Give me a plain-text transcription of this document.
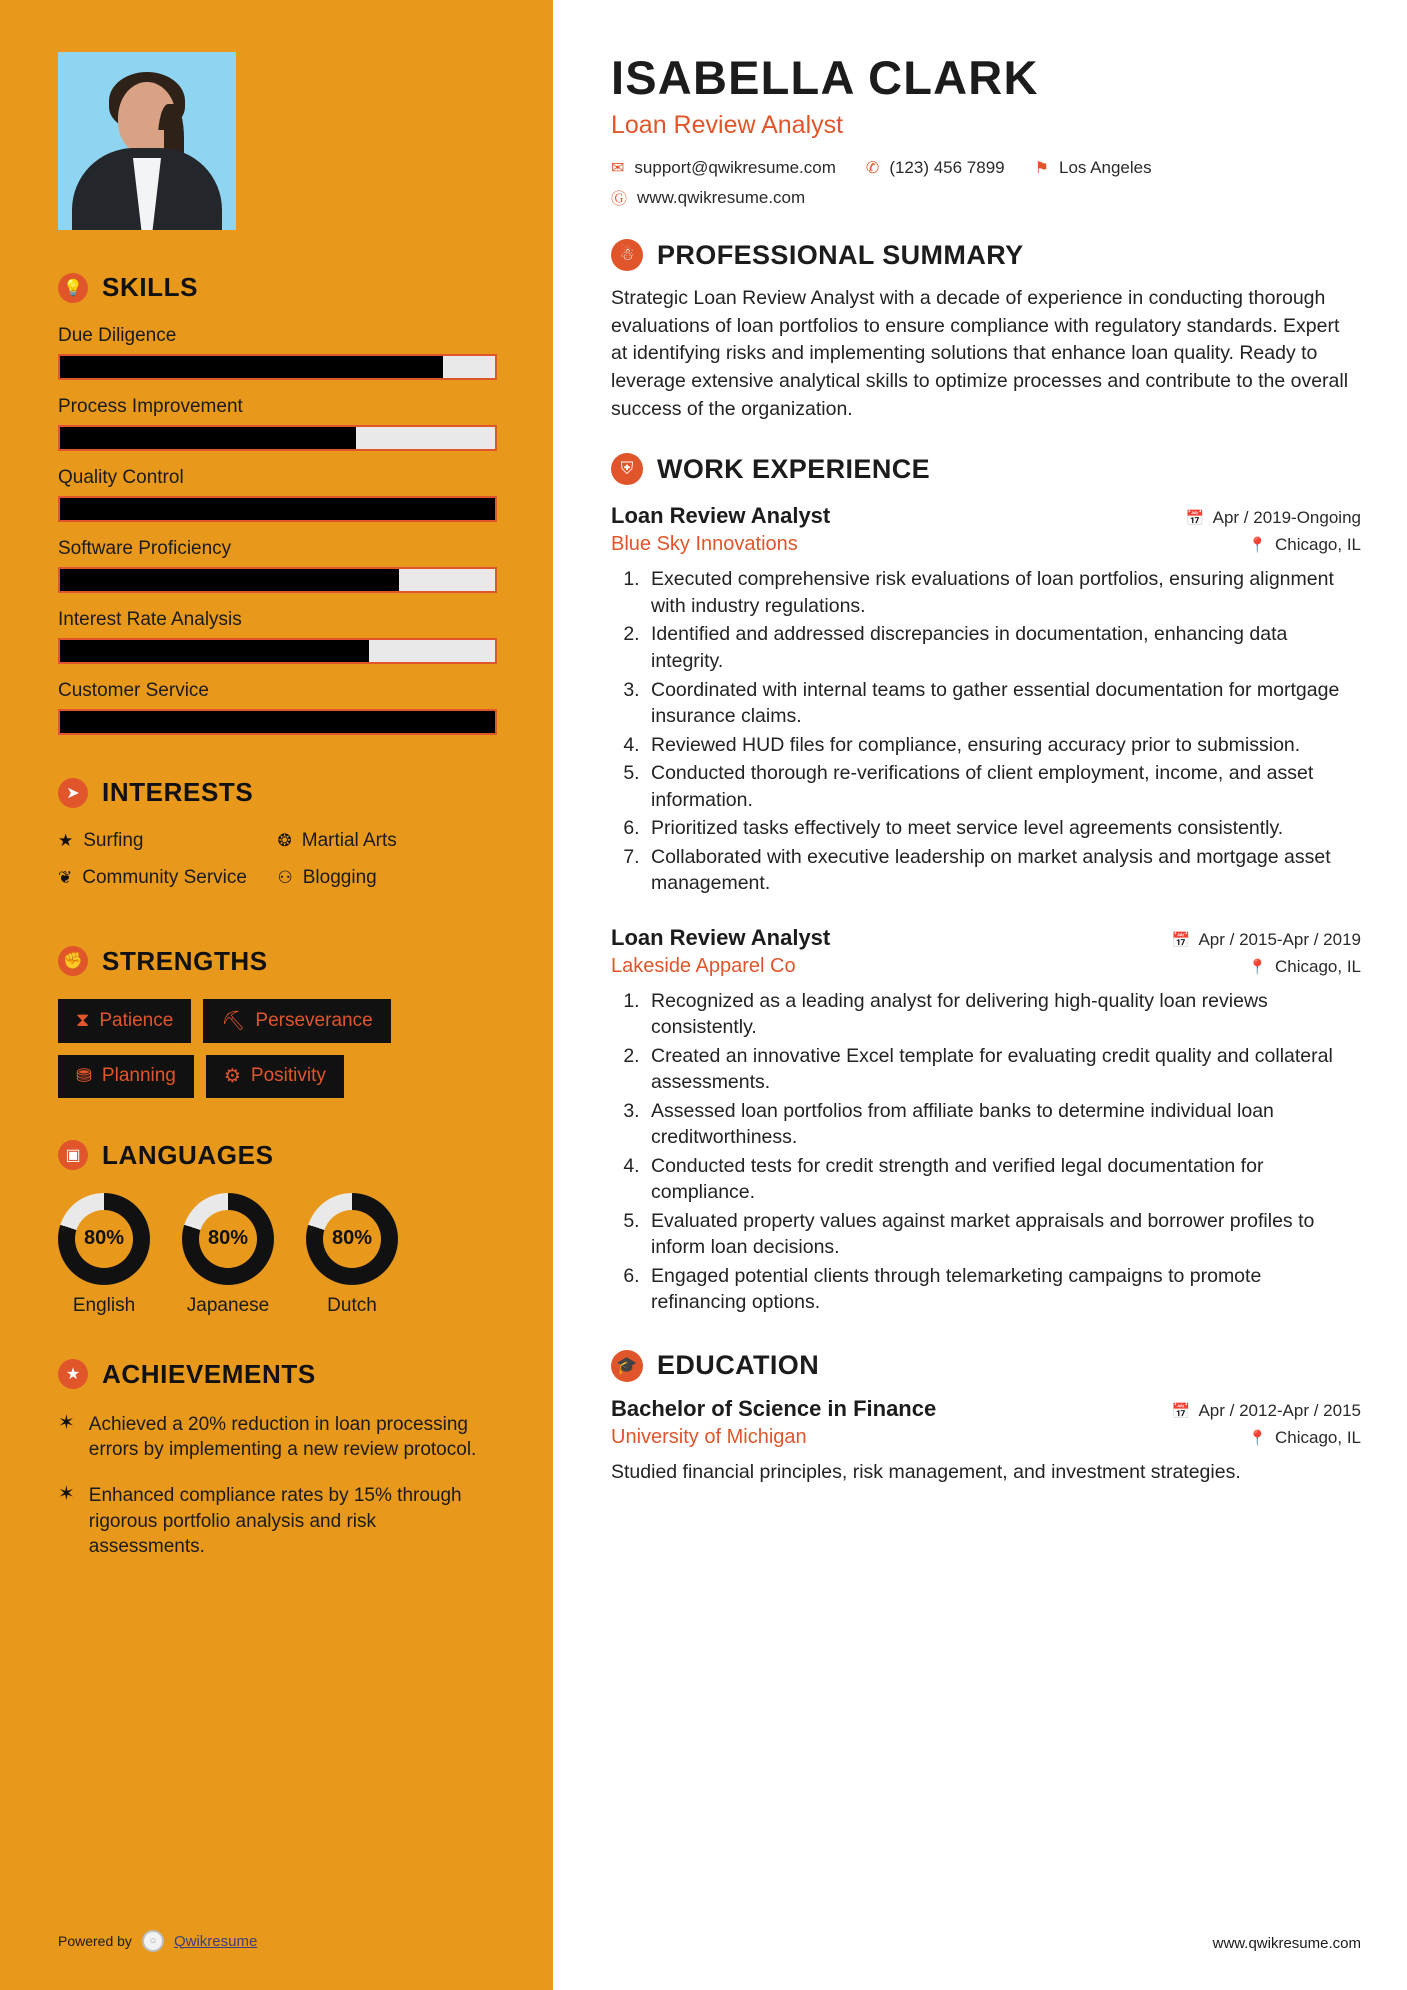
💡 SKILLS
Due Diligence
Process Improvement
Quality Control
Software Proficiency
Interest Rate Analysis
Customer Service
➤ INTERESTS
★ Surfing	❂ Martial Arts
❦ Community Service ⚇ Blogging
✊ STRENGTHS
⧗ Patience	⛏ Perseverance
⛃ Planning	⚙ Positivity
▣ LANGUAGES
80%
English
80%
Japanese
80%
Dutch
★ ACHIEVEMENTS
✶ Achieved a 20% reduction in loan processing errors by implementing a new review protocol.
✶ Enhanced compliance rates by 15% through rigorous portfolio analysis and risk assessments.
Powered by	○	Qwikresume
ISABELLA CLARK
Loan Review Analyst
✉ support@qwikresume.com ✆ (123) 456 7899 ⚑ Los Angeles
Ⓖ www.qwikresume.com
☃ PROFESSIONAL SUMMARY

Strategic Loan Review Analyst with a decade of experience in conducting thorough evaluations of loan portfolios to ensure compliance with regulatory standards. Expert at identifying risks and implementing solutions that enhance loan quality. Ready to leverage extensive analytical skills to optimize processes and contribute to the overall success of the organization.

⛨ WORK EXPERIENCE
Loan Review Analyst	📅 Apr / 2019-Ongoing
Blue Sky Innovations	📍 Chicago, IL
1. Executed comprehensive risk evaluations of loan portfolios, ensuring alignment with industry regulations.
2. Identified and addressed discrepancies in documentation, enhancing data integrity.
3. Coordinated with internal teams to gather essential documentation for mortgage insurance claims.
4. Reviewed HUD files for compliance, ensuring accuracy prior to submission.
5. Conducted thorough re-verifications of client employment, income, and asset information.
6. Prioritized tasks effectively to meet service level agreements consistently.
7. Collaborated with executive leadership on market analysis and mortgage asset management.
Loan Review Analyst	📅 Apr / 2015-Apr / 2019
Lakeside Apparel Co	📍 Chicago, IL
1. Recognized as a leading analyst for delivering high-quality loan reviews consistently.
2. Created an innovative Excel template for evaluating credit quality and collateral assessments.
3. Assessed loan portfolios from affiliate banks to determine individual loan creditworthiness.
4. Conducted tests for credit strength and verified legal documentation for compliance.
5. Evaluated property values against market appraisals and borrower profiles to inform loan decisions.
6. Engaged potential clients through telemarketing campaigns to promote refinancing options.
🎓 EDUCATION
Bachelor of Science in Finance	📅 Apr / 2012-Apr / 2015
University of Michigan	📍 Chicago, IL

Studied financial principles, risk management, and investment strategies.

www.qwikresume.com
